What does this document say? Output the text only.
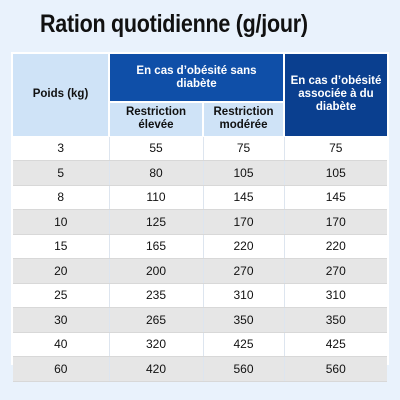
Ration quotidienne (g/jour)
Poids (kg)	En cas d’obésité sans diabète		En cas d’obésité associée à du diabète

	Restriction élevée	Restriction modérée	

3	55	75	75
5	80	105	105
8	110	145	145
10	125	170	170
15	165	220	220
20	200	270	270
25	235	310	310
30	265	350	350
40	320	425	425
60	420	560	560
